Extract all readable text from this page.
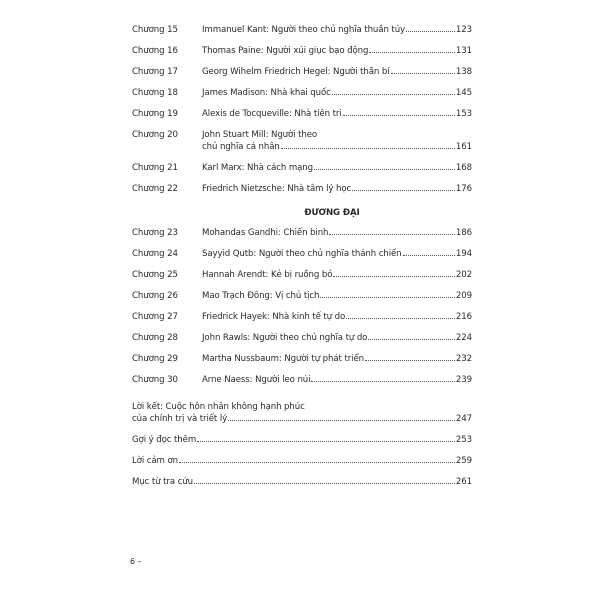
Chương 15	Immanuel Kant: Người theo chủ nghĩa thuần túy	123
Chương 16	Thomas Paine: Người xúi giục bạo động	131
Chương 17	Georg Wihelm Friedrich Hegel: Người thần bí	138
Chương 18	James Madison: Nhà khai quốc	145
Chương 19	Alexis de Tocqueville: Nhà tiên tri	153
Chương 20	John Stuart Mill: Người theo
chủ nghĩa cá nhân	161
Chương 21	Karl Marx: Nhà cách mạng	168
Chương 22	Friedrich Nietzsche: Nhà tâm lý học	176
ĐƯƠNG ĐẠI
Chương 23	Mohandas Gandhi: Chiến binh	186
Chương 24	Sayyid Qutb: Người theo chủ nghĩa thánh chiến	194
Chương 25	Hannah Arendt: Kẻ bị ruồng bỏ	202
Chương 26	Mao Trạch Đông: Vị chủ tịch	209
Chương 27	Friedrick Hayek: Nhà kinh tế tự do	216
Chương 28	John Rawls: Người theo chủ nghĩa tự do	224
Chương 29	Martha Nussbaum: Người tự phát triển	232
Chương 30	Arne Naess: Người leo núi	239
Lời kết: Cuộc hôn nhân không hạnh phúc
của chính trị và triết lý	247
Gợi ý đọc thêm	253
Lời cảm ơn	259
Mục từ tra cứu	261
6 –
